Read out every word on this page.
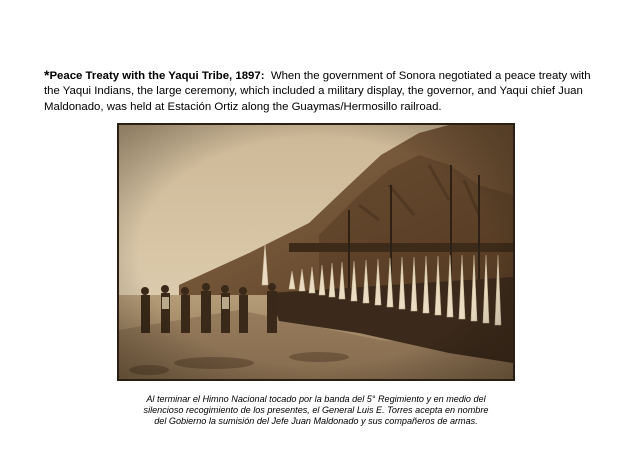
*Peace Treaty with the Yaqui Tribe, 1897: When the government of Sonora negotiated a peace treaty with the Yaqui Indians, the large ceremony, which included a military display, the governor, and Yaqui chief Juan Maldonado, was held at Estación Ortiz along the Guaymas/Hermosillo railroad.

Al terminar el Himno Nacional tocado por la banda del 5° Regimiento y en medio del
silencioso recogimiento de los presentes, el General Luis E. Torres acepta en nombre
del Gobierno la sumisión del Jefe Juan Maldonado y sus compañeros de armas.
